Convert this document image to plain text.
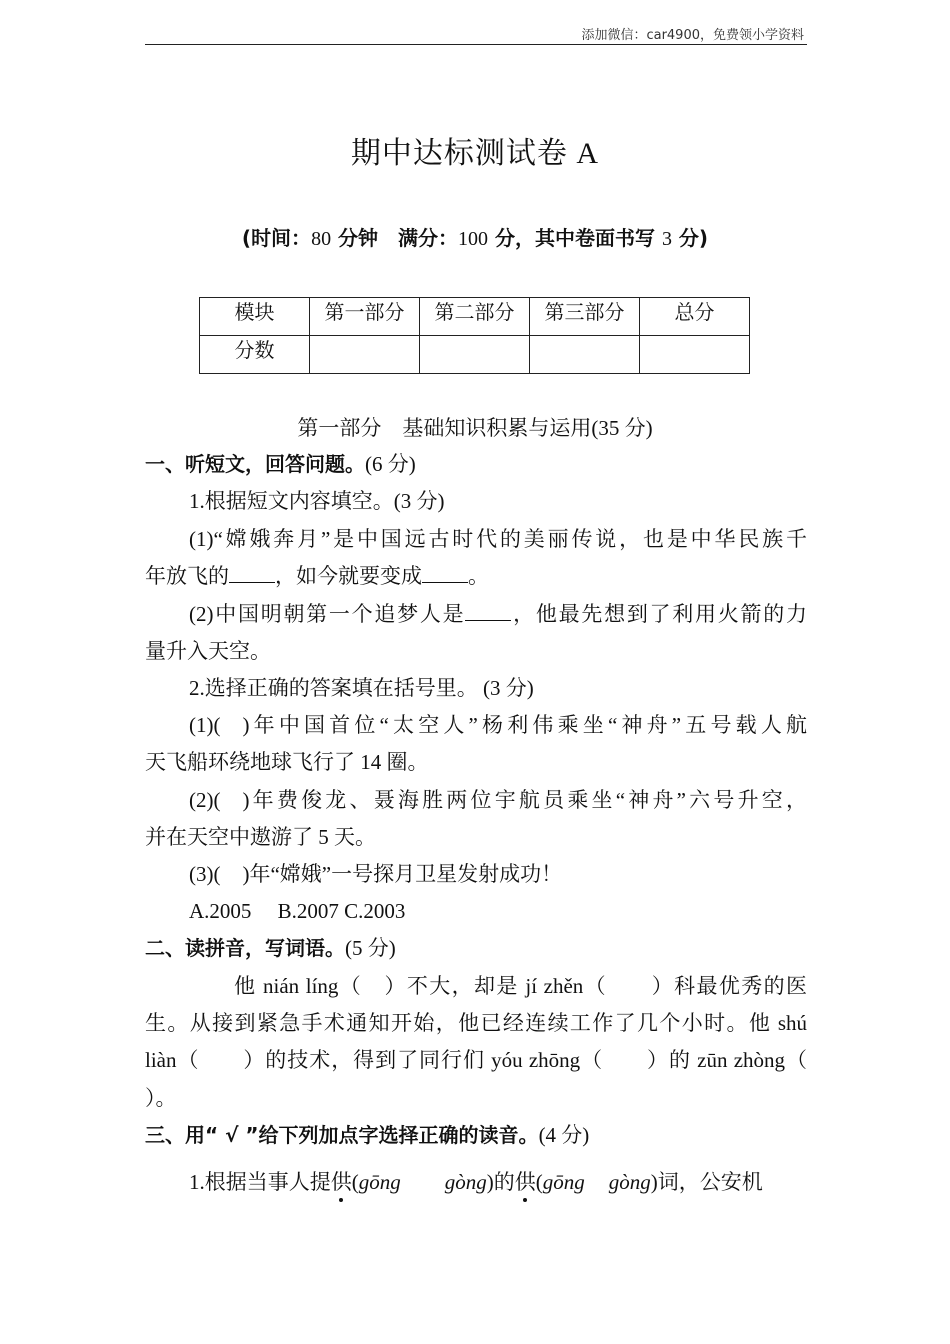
添加微信：car4900，免费领小学资料
期中达标测试卷 A
(时间：80 分钟　满分：100 分，其中卷面书写 3 分)
模块	第一部分	第二部分	第三部分	总分
分数				
第一部分　基础知识积累与运用(35 分)
一、听短文，回答问题。(6 分)
1.根据短文内容填空。(3 分)
(1)“嫦娥奔月”是中国远古时代的美丽传说，也是中华民族千
年放飞的 ，如今就要变成 。
(2)中国明朝第一个追梦人是 ，他最先想到了利用火箭的力
量升入天空。
2.选择正确的答案填在括号里。 (3 分)
(1)( )年中国首位“太空人”杨利伟乘坐“神舟”五号载人航
天飞船环绕地球飞行了 14 圈。
(2)( )年费俊龙、聂海胜两位宇航员乘坐“神舟”六号升空，
并在天空中遨游了 5 天。
(3)( )年“嫦娥”一号探月卫星发射成功！
A.2005　 B.2007 C.2003
二、读拼音，写词语。(5 分)
他 nián líng（　）不大，却是 jí zhěn（　　）科最优秀的医
生。从接到紧急手术通知开始，他已经连续工作了几个小时。他 shú
liàn（　　）的技术，得到了同行们 yóu zhōng（　　）的 zūn zhòng（
）。
三、用“ √ ”给下列加点字选择正确的读音。(4 分)
1.根据当事人提供(gōng gòng)的供(gōng gòng)词，公安机
